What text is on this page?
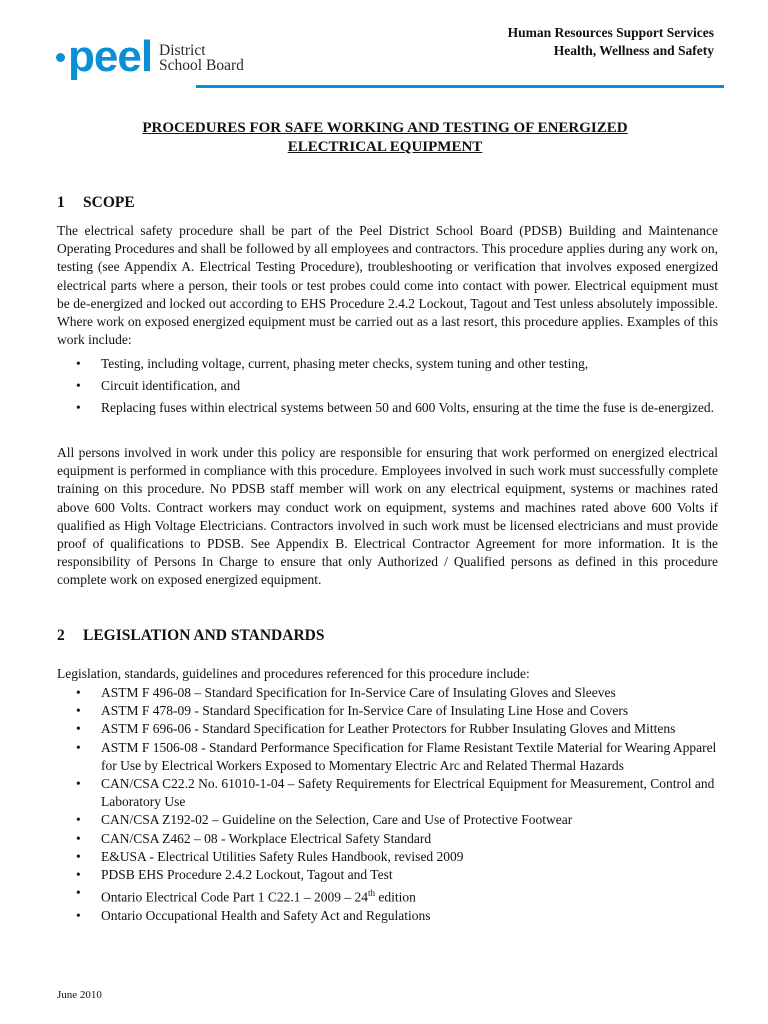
peel District
School Board
Human Resources Support Services
Health, Wellness and Safety
PROCEDURES FOR SAFE WORKING AND TESTING OF ENERGIZED
ELECTRICAL EQUIPMENT
1 SCOPE

The electrical safety procedure shall be part of the Peel District School Board (PDSB) Building and Maintenance Operating Procedures and shall be followed by all employees and contractors. This procedure applies during any work on, testing (see Appendix A. Electrical Testing Procedure), troubleshooting or verification that involves exposed energized electrical parts where a person, their tools or test probes could come into contact with power. Electrical equipment must be de-energized and locked out according to EHS Procedure 2.4.2 Lockout, Tagout and Test unless absolutely impossible. Where work on exposed energized equipment must be carried out as a last resort, this procedure applies. Examples of this work include:

• Testing, including voltage, current, phasing meter checks, system tuning and other testing,
• Circuit identification, and
• Replacing fuses within electrical systems between 50 and 600 Volts, ensuring at the time the fuse is de-energized.

All persons involved in work under this policy are responsible for ensuring that work performed on energized electrical equipment is performed in compliance with this procedure. Employees involved in such work must successfully complete training on this procedure. No PDSB staff member will work on any electrical equipment, systems or machines rated above 600 Volts. Contract workers may conduct work on equipment, systems and machines rated above 600 Volts if qualified as High Voltage Electricians. Contractors involved in such work must be licensed electricians and must provide proof of qualifications to PDSB. See Appendix B. Electrical Contractor Agreement for more information. It is the responsibility of Persons In Charge to ensure that only Authorized / Qualified persons as defined in this procedure complete work on exposed energized equipment.

2 LEGISLATION AND STANDARDS

Legislation, standards, guidelines and procedures referenced for this procedure include:

• ASTM F 496-08 – Standard Specification for In-Service Care of Insulating Gloves and Sleeves
• ASTM F 478-09 - Standard Specification for In-Service Care of Insulating Line Hose and Covers
• ASTM F 696-06 - Standard Specification for Leather Protectors for Rubber Insulating Gloves and Mittens
• ASTM F 1506-08 - Standard Performance Specification for Flame Resistant Textile Material for Wearing Apparel for Use by Electrical Workers Exposed to Momentary Electric Arc and Related Thermal Hazards
• CAN/CSA C22.2 No. 61010-1-04 – Safety Requirements for Electrical Equipment for Measurement, Control and Laboratory Use
• CAN/CSA Z192-02 – Guideline on the Selection, Care and Use of Protective Footwear
• CAN/CSA Z462 – 08 - Workplace Electrical Safety Standard
• E&USA - Electrical Utilities Safety Rules Handbook, revised 2009
• PDSB EHS Procedure 2.4.2 Lockout, Tagout and Test
• Ontario Electrical Code Part 1 C22.1 – 2009 – 24th edition
• Ontario Occupational Health and Safety Act and Regulations
June 2010
